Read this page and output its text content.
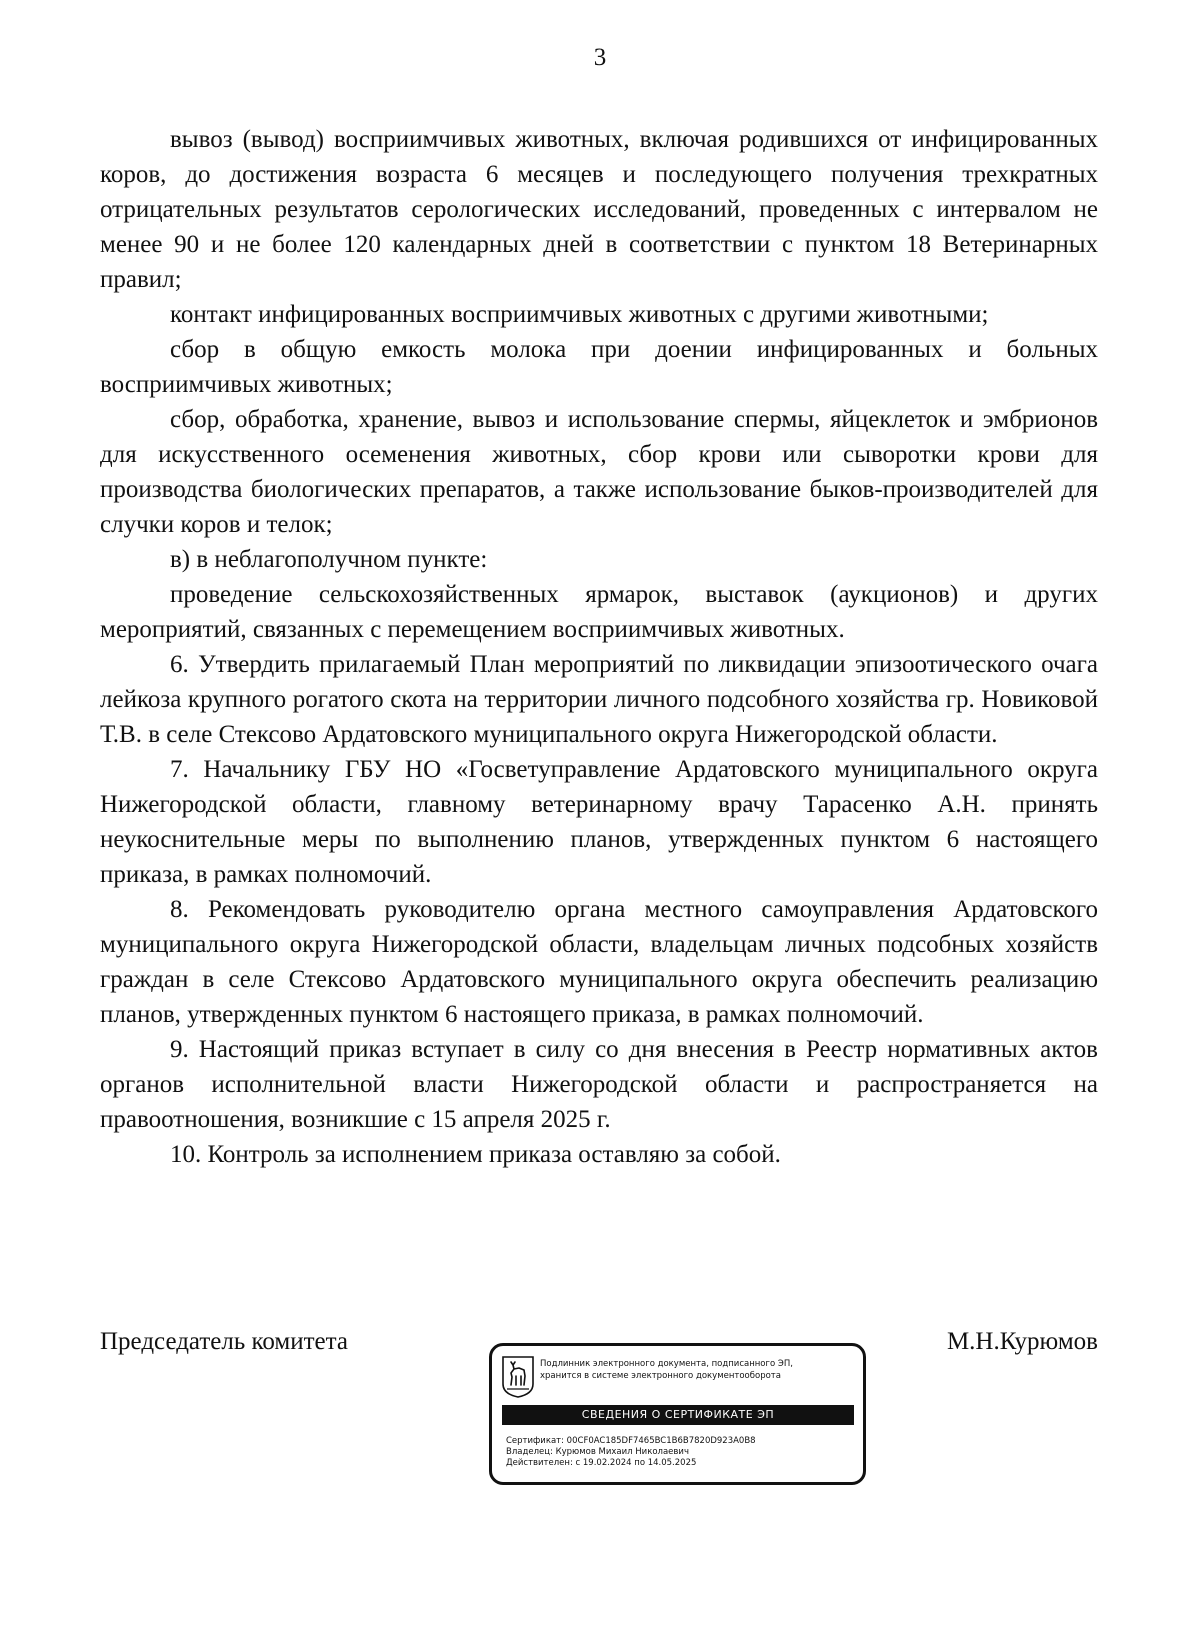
3

вывоз (вывод) восприимчивых животных, включая родившихся от инфицированных коров, до достижения возраста 6 месяцев и последующего получения трехкратных отрицательных результатов серологических исследований, проведенных с интервалом не менее 90 и не более 120 календарных дней в соответствии с пунктом 18 Ветеринарных правил;

контакт инфицированных восприимчивых животных с другими животными;

сбор в общую емкость молока при доении инфицированных и больных восприимчивых животных;

сбор, обработка, хранение, вывоз и использование спермы, яйцеклеток и эмбрионов для искусственного осеменения животных, сбор крови или сыворотки крови для производства биологических препаратов, а также использование быков-производителей для случки коров и телок;

в) в неблагополучном пункте:

проведение сельскохозяйственных ярмарок, выставок (аукционов) и других мероприятий, связанных с перемещением восприимчивых животных.

6. Утвердить прилагаемый План мероприятий по ликвидации эпизоотического очага лейкоза крупного рогатого скота на территории личного подсобного хозяйства гр. Новиковой Т.В. в селе Стексово Ардатовского муниципального округа Нижегородской области.

7. Начальнику ГБУ НО «Госветуправление Ардатовского муниципального округа Нижегородской области, главному ветеринарному врачу Тарасенко А.Н. принять неукоснительные меры по выполнению планов, утвержденных пунктом 6 настоящего приказа, в рамках полномочий.

8. Рекомендовать руководителю органа местного самоуправления Ардатовского муниципального округа Нижегородской области, владельцам личных подсобных хозяйств граждан в селе Стексово Ардатовского муниципального округа обеспечить реализацию планов, утвержденных пунктом 6 настоящего приказа, в рамках полномочий.

9. Настоящий приказ вступает в силу со дня внесения в Реестр нормативных актов органов исполнительной власти Нижегородской области и распространяется на правоотношения, возникшие с 15 апреля 2025 г.

10. Контроль за исполнением приказа оставляю за собой.

Председатель комитета	М.Н.Курюмов
Подлинник электронного документа, подписанного ЭП,
хранится в системе электронного документооборота
СВЕДЕНИЯ О СЕРТИФИКАТЕ ЭП
Сертификат: 00CF0AC185DF7465BC1B6B7820D923A0B8
Владелец: Курюмов Михаил Николаевич
Действителен: с 19.02.2024 по 14.05.2025
